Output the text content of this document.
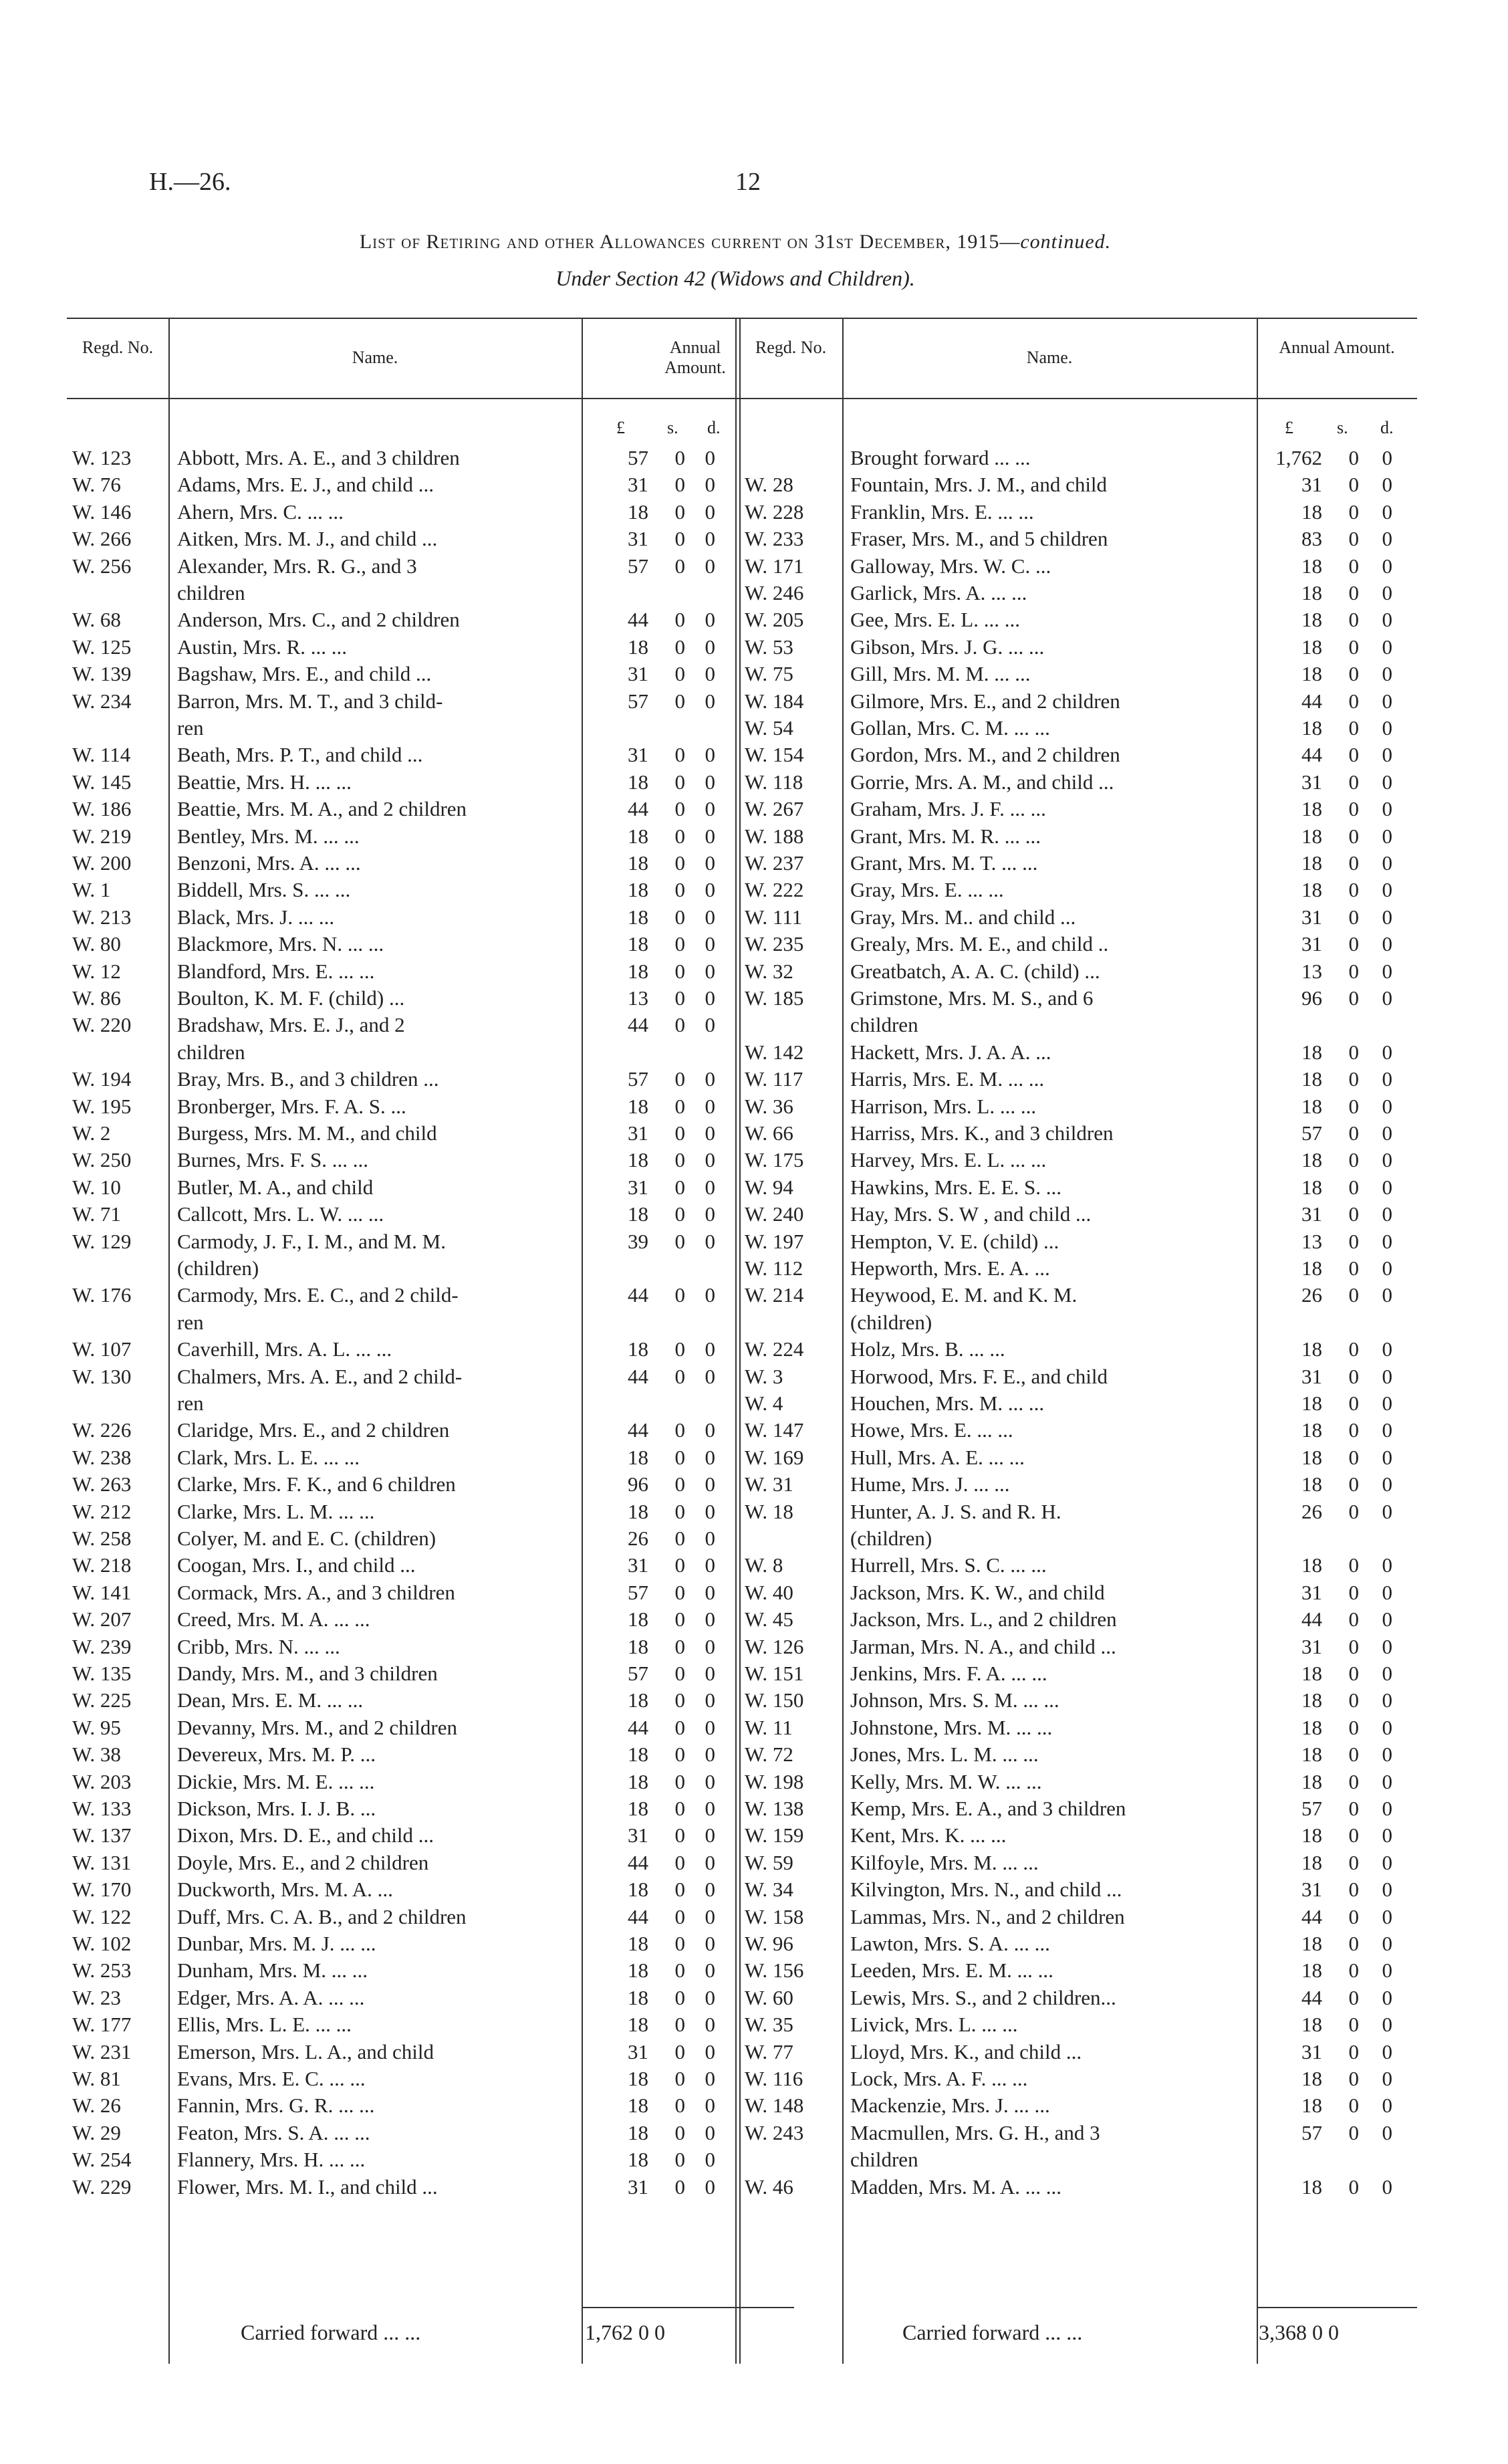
H.—26.	12
List of Retiring and other Allowances current on 31st December, 1915—continued.
Under Section 42 (Widows and Children).
Regd. No.
Name.
Annual Amount.
Regd. No.
Name.
Annual Amount.
£ s. d.	£	s. d.
W. 123	Abbott, Mrs. A. E., and 3 children	57	0 0
W. 76	Adams, Mrs. E. J., and child ...	31	0 0
W. 146	Ahern, Mrs. C. ... ...	18	0 0
W. 266	Aitken, Mrs. M. J., and child ...	31	0 0
W. 256	Alexander, Mrs. R. G., and 3	57	0 0
children
W. 68	Anderson, Mrs. C., and 2 children	44	0 0
W. 125	Austin, Mrs. R. ... ...	18	0 0
W. 139	Bagshaw, Mrs. E., and child ...	31	0 0
W. 234	Barron, Mrs. M. T., and 3 child-	57	0 0
ren
W. 114	Beath, Mrs. P. T., and child ...	31	0 0
W. 145	Beattie, Mrs. H. ... ...	18	0 0
W. 186	Beattie, Mrs. M. A., and 2 children	44	0 0
W. 219	Bentley, Mrs. M. ... ...	18	0 0
W. 200	Benzoni, Mrs. A. ... ...	18	0 0
W. 1	Biddell, Mrs. S. ... ...	18	0 0
W. 213	Black, Mrs. J. ... ...	18	0 0
W. 80	Blackmore, Mrs. N. ... ...	18	0 0
W. 12	Blandford, Mrs. E. ... ...	18	0 0
W. 86	Boulton, K. M. F. (child) ...	13	0 0
W. 220	Bradshaw, Mrs. E. J., and 2	44	0 0
children
W. 194	Bray, Mrs. B., and 3 children ...	57	0 0
W. 195	Bronberger, Mrs. F. A. S. ...	18	0 0
W. 2	Burgess, Mrs. M. M., and child	31	0 0
W. 250	Burnes, Mrs. F. S. ... ...	18	0 0
W. 10	Butler, M. A., and child	31	0 0
W. 71	Callcott, Mrs. L. W. ... ...	18	0 0
W. 129	Carmody, J. F., I. M., and M. M.	39	0 0
(children)
W. 176	Carmody, Mrs. E. C., and 2 child-	44	0 0
ren
W. 107	Caverhill, Mrs. A. L. ... ...	18	0 0
W. 130	Chalmers, Mrs. A. E., and 2 child-	44	0 0
ren
W. 226	Claridge, Mrs. E., and 2 children	44	0 0
W. 238	Clark, Mrs. L. E. ... ...	18	0 0
W. 263	Clarke, Mrs. F. K., and 6 children	96	0 0
W. 212	Clarke, Mrs. L. M. ... ...	18	0 0
W. 258	Colyer, M. and E. C. (children)	26	0 0
W. 218	Coogan, Mrs. I., and child ...	31	0 0
W. 141	Cormack, Mrs. A., and 3 children	57	0 0
W. 207	Creed, Mrs. M. A. ... ...	18	0 0
W. 239	Cribb, Mrs. N. ... ...	18	0 0
W. 135	Dandy, Mrs. M., and 3 children	57	0 0
W. 225	Dean, Mrs. E. M. ... ...	18	0 0
W. 95	Devanny, Mrs. M., and 2 children	44	0 0
W. 38	Devereux, Mrs. M. P. ...	18	0 0
W. 203	Dickie, Mrs. M. E. ... ...	18	0 0
W. 133	Dickson, Mrs. I. J. B. ...	18	0 0
W. 137	Dixon, Mrs. D. E., and child ...	31	0 0
W. 131	Doyle, Mrs. E., and 2 children	44	0 0
W. 170	Duckworth, Mrs. M. A. ...	18	0 0
W. 122	Duff, Mrs. C. A. B., and 2 children	44	0 0
W. 102	Dunbar, Mrs. M. J. ... ...	18	0 0
W. 253	Dunham, Mrs. M. ... ...	18	0 0
W. 23	Edger, Mrs. A. A. ... ...	18	0 0
W. 177	Ellis, Mrs. L. E. ... ...	18	0 0
W. 231	Emerson, Mrs. L. A., and child	31	0 0
W. 81	Evans, Mrs. E. C. ... ...	18	0 0
W. 26	Fannin, Mrs. G. R. ... ...	18	0 0
W. 29	Featon, Mrs. S. A. ... ...	18	0 0
W. 254	Flannery, Mrs. H. ... ...	18	0 0
W. 229	Flower, Mrs. M. I., and child ...	31	0 0
Brought forward ... ...	1,762	0	0
W. 28	Fountain, Mrs. J. M., and child	31	0	0
W. 228	Franklin, Mrs. E. ... ...	18	0	0
W. 233	Fraser, Mrs. M., and 5 children	83	0	0
W. 171	Galloway, Mrs. W. C. ...	18	0	0
W. 246	Garlick, Mrs. A. ... ...	18	0	0
W. 205	Gee, Mrs. E. L. ... ...	18	0	0
W. 53	Gibson, Mrs. J. G. ... ...	18	0	0
W. 75	Gill, Mrs. M. M. ... ...	18	0	0
W. 184	Gilmore, Mrs. E., and 2 children	44	0	0
W. 54	Gollan, Mrs. C. M. ... ...	18	0	0
W. 154	Gordon, Mrs. M., and 2 children	44	0	0
W. 118	Gorrie, Mrs. A. M., and child ...	31	0	0
W. 267	Graham, Mrs. J. F. ... ...	18	0	0
W. 188	Grant, Mrs. M. R. ... ...	18	0	0
W. 237	Grant, Mrs. M. T. ... ...	18	0	0
W. 222	Gray, Mrs. E. ... ...	18	0	0
W. 111	Gray, Mrs. M.. and child ...	31	0	0
W. 235	Grealy, Mrs. M. E., and child ..	31	0	0
W. 32	Greatbatch, A. A. C. (child) ...	13	0	0
W. 185	Grimstone, Mrs. M. S., and 6	96	0	0
children
W. 142	Hackett, Mrs. J. A. A. ...	18	0	0
W. 117	Harris, Mrs. E. M. ... ...	18	0	0
W. 36	Harrison, Mrs. L. ... ...	18	0	0
W. 66	Harriss, Mrs. K., and 3 children	57	0	0
W. 175	Harvey, Mrs. E. L. ... ...	18	0	0
W. 94	Hawkins, Mrs. E. E. S. ...	18	0	0
W. 240	Hay, Mrs. S. W , and child ...	31	0	0
W. 197	Hempton, V. E. (child) ...	13	0	0
W. 112	Hepworth, Mrs. E. A. ...	18	0	0
W. 214	Heywood, E. M. and K. M.	26	0	0
(children)
W. 224	Holz, Mrs. B. ... ...	18	0	0
W. 3	Horwood, Mrs. F. E., and child	31	0	0
W. 4	Houchen, Mrs. M. ... ...	18	0	0
W. 147	Howe, Mrs. E. ... ...	18	0	0
W. 169	Hull, Mrs. A. E. ... ...	18	0	0
W. 31	Hume, Mrs. J. ... ...	18	0	0
W. 18	Hunter, A. J. S. and R. H.	26	0	0
(children)
W. 8	Hurrell, Mrs. S. C. ... ...	18	0	0
W. 40	Jackson, Mrs. K. W., and child	31	0	0
W. 45	Jackson, Mrs. L., and 2 children	44	0	0
W. 126	Jarman, Mrs. N. A., and child ...	31	0	0
W. 151	Jenkins, Mrs. F. A. ... ...	18	0	0
W. 150	Johnson, Mrs. S. M. ... ...	18	0	0
W. 11	Johnstone, Mrs. M. ... ...	18	0	0
W. 72	Jones, Mrs. L. M. ... ...	18	0	0
W. 198	Kelly, Mrs. M. W. ... ...	18	0	0
W. 138	Kemp, Mrs. E. A., and 3 children	57	0	0
W. 159	Kent, Mrs. K. ... ...	18	0	0
W. 59	Kilfoyle, Mrs. M. ... ...	18	0	0
W. 34	Kilvington, Mrs. N., and child ...	31	0	0
W. 158	Lammas, Mrs. N., and 2 children	44	0	0
W. 96	Lawton, Mrs. S. A. ... ...	18	0	0
W. 156	Leeden, Mrs. E. M. ... ...	18	0	0
W. 60	Lewis, Mrs. S., and 2 children...	44	0	0
W. 35	Livick, Mrs. L. ... ...	18	0	0
W. 77	Lloyd, Mrs. K., and child ...	31	0	0
W. 116	Lock, Mrs. A. F. ... ...	18	0	0
W. 148	Mackenzie, Mrs. J. ... ...	18	0	0
W. 243	Macmullen, Mrs. G. H., and 3	57	0	0
children
W. 46	Madden, Mrs. M. A. ... ...	18	0	0
Carried forward ... ...	1,762 0 0	Carried forward ... ...	3,368 0 0
